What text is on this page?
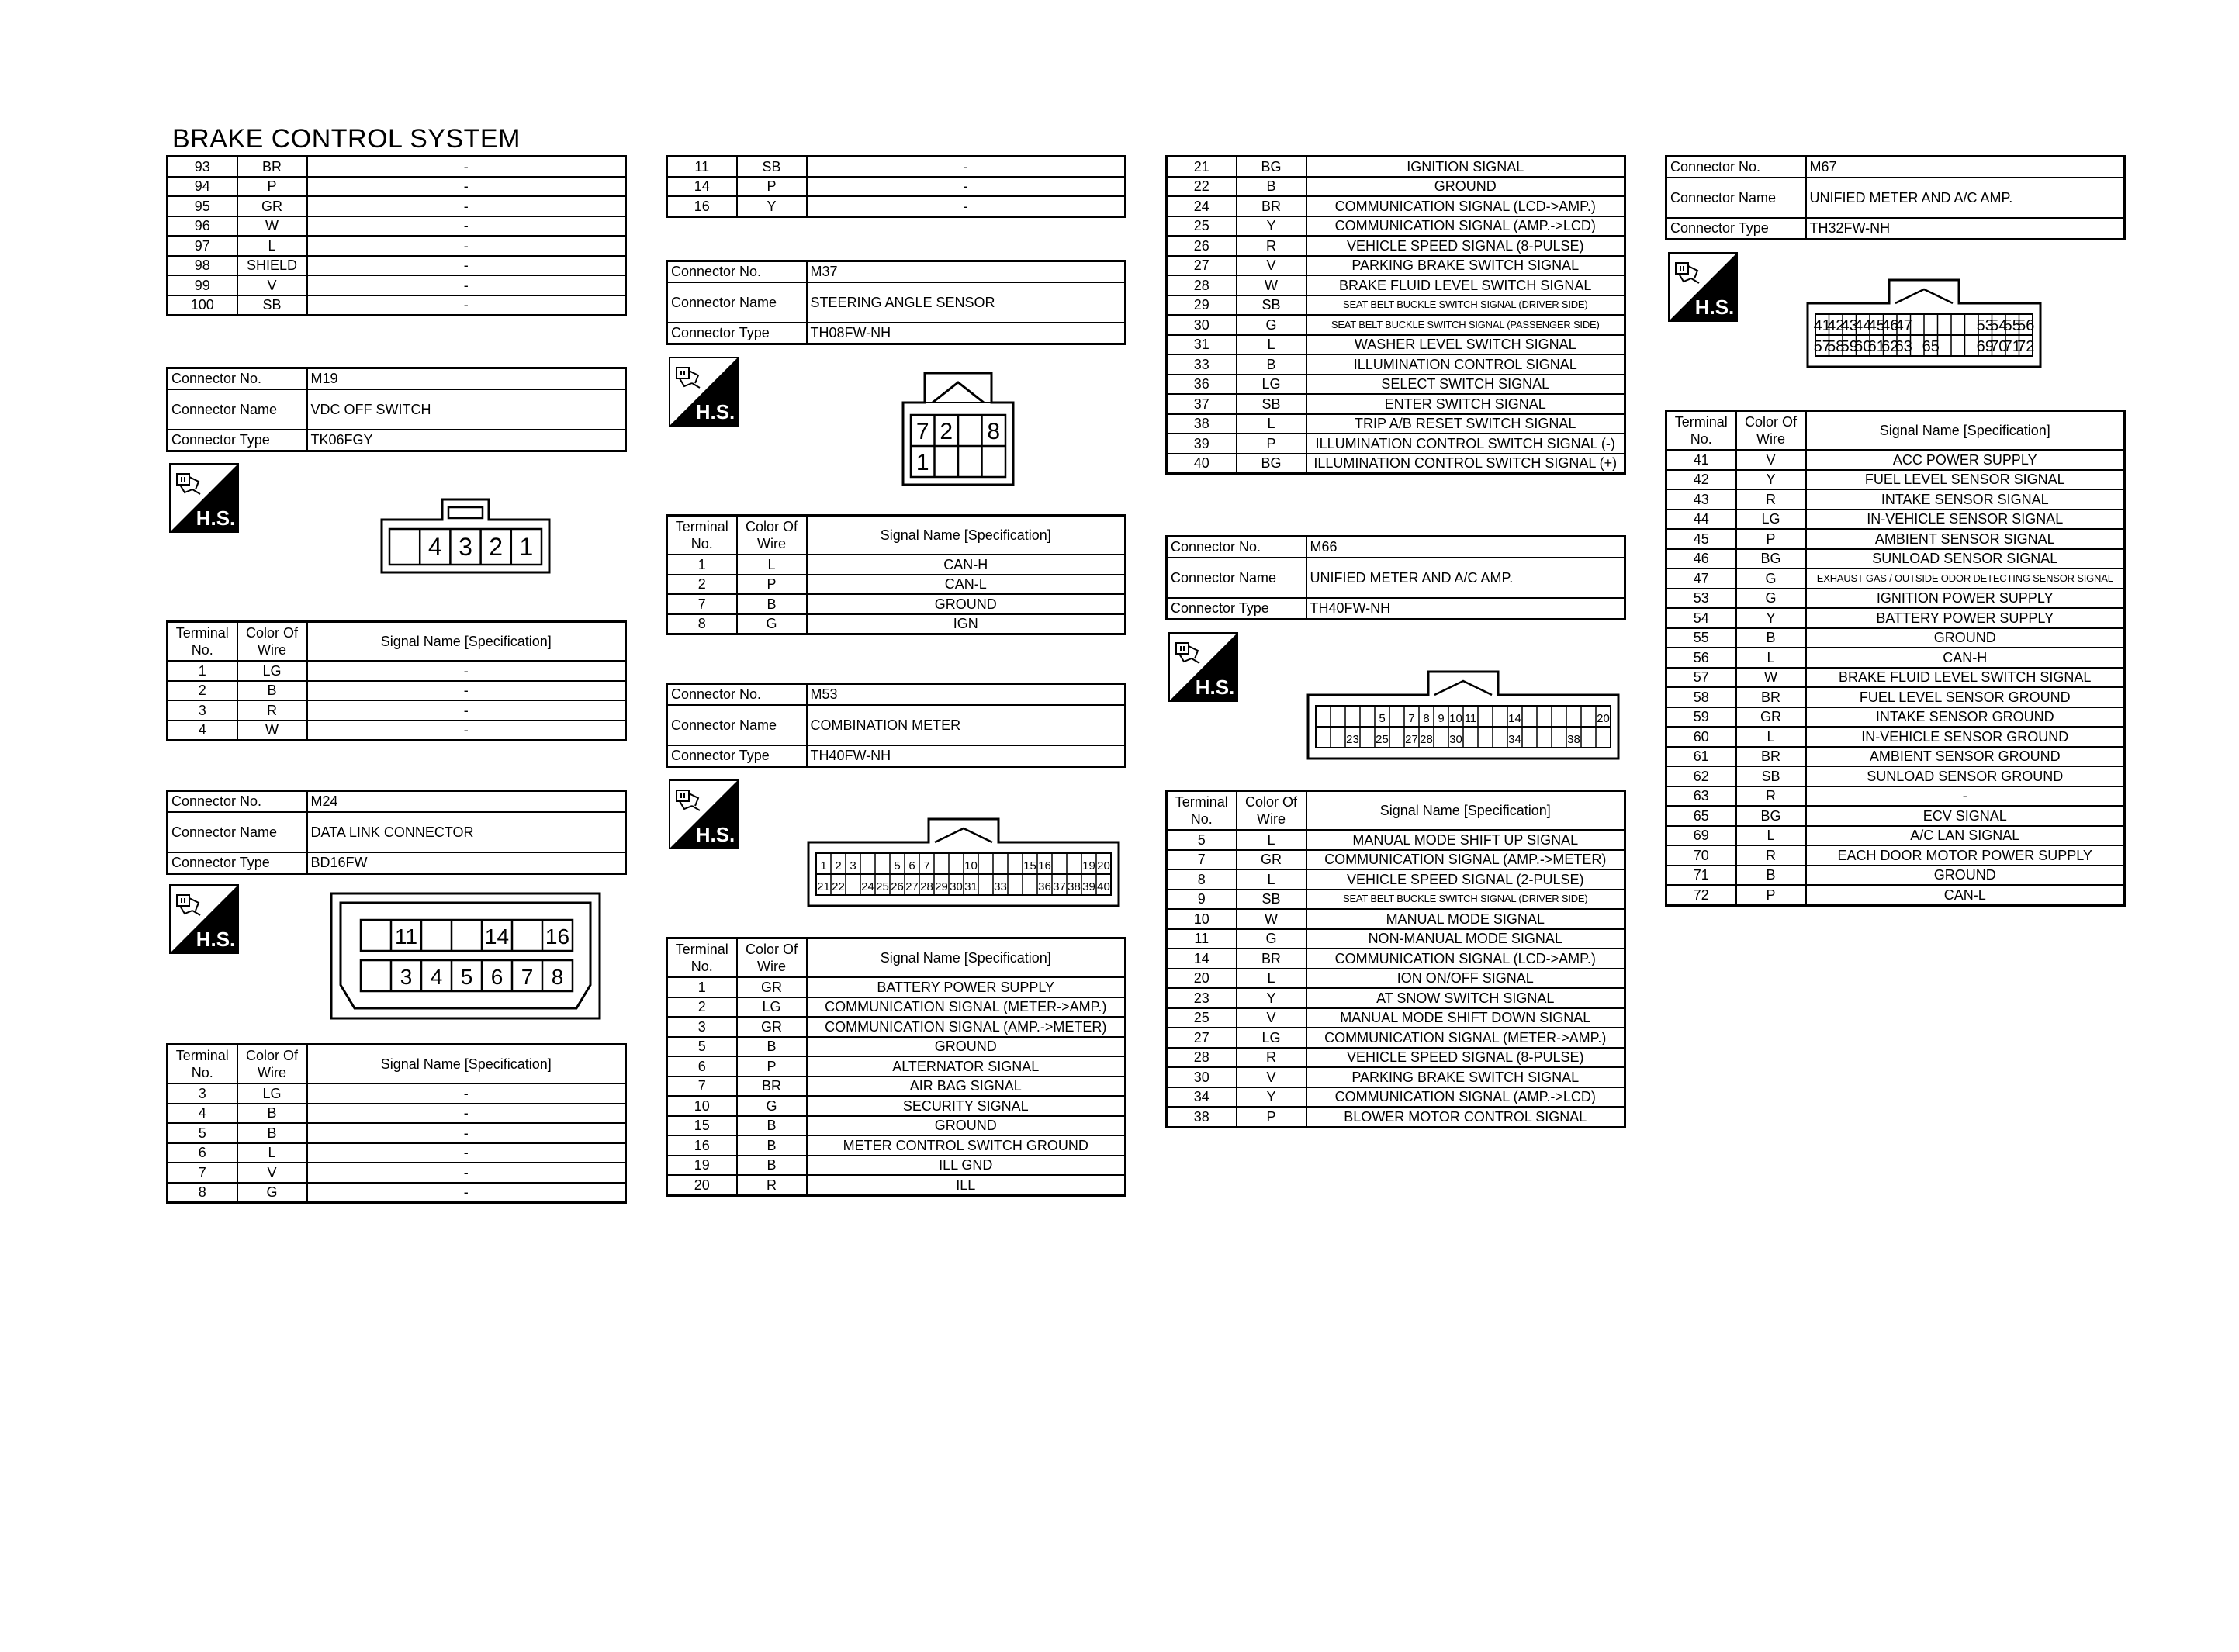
BRAKE CONTROL SYSTEM
93	BR	-
94	P	-
95	GR	-
96	W	-
97	L	-
98	SHIELD	-
99	V	-
100	SB	-
Connector No.	M19
Connector Name	VDC OFF SWITCH
Connector Type	TK06FGY
H.S.
4 3 2 1
Terminal No.	Color Of Wire	Signal Name [Specification]
1	LG	-
2	B	-
3	R	-
4	W	-
Connector No.	M24
Connector Name	DATA LINK CONNECTOR
Connector Type	BD16FW
H.S.	11	14 16
3 4 5 6 7 8
Terminal No.	Color Of Wire	Signal Name [Specification]
3	LG	-
4	B	-
5	B	-
6	L	-
7	V	-
8	G	-
11	SB	-
14	P	-
16	Y	-
Connector No.	M37
Connector Name	STEERING ANGLE SENSOR
Connector Type	TH08FW-NH
H.S.
7 2 8
1
Terminal No.	Color Of Wire	Signal Name [Specification]
1	L	CAN-H
2	P	CAN-L
7	B	GROUND
8	G	IGN
Connector No.	M53
Connector Name	COMBINATION METER
Connector Type	TH40FW-NH
H.S.
1 2 3	5 6 7	10	15 16	19 20
21 22 24 25 26 27 28 29 30 31 33	36 37 38 39 40
Terminal No.	Color Of Wire	Signal Name [Specification]
1	GR	BATTERY POWER SUPPLY
2	LG	COMMUNICATION SIGNAL (METER->AMP.)
3	GR	COMMUNICATION SIGNAL (AMP.->METER)
5	B	GROUND
6	P	ALTERNATOR SIGNAL
7	BR	AIR BAG SIGNAL
10	G	SECURITY SIGNAL
15	B	GROUND
16	B	METER CONTROL SWITCH GROUND
19	B	ILL GND
20	R	ILL
21	BG	IGNITION SIGNAL
22	B	GROUND
24	BR	COMMUNICATION SIGNAL (LCD->AMP.)
25	Y	COMMUNICATION SIGNAL (AMP.->LCD)
26	R	VEHICLE SPEED SIGNAL (8-PULSE)
27	V	PARKING BRAKE SWITCH SIGNAL
28	W	BRAKE FLUID LEVEL SWITCH SIGNAL
29	SB	SEAT BELT BUCKLE SWITCH SIGNAL (DRIVER SIDE)
30	G	SEAT BELT BUCKLE SWITCH SIGNAL (PASSENGER SIDE)
31	L	WASHER LEVEL SWITCH SIGNAL
33	B	ILLUMINATION CONTROL SIGNAL
36	LG	SELECT SWITCH SIGNAL
37	SB	ENTER SWITCH SIGNAL
38	L	TRIP A/B RESET SWITCH SIGNAL
39	P	ILLUMINATION CONTROL SWITCH SIGNAL (-)
40	BG	ILLUMINATION CONTROL SWITCH SIGNAL (+)
Connector No.	M66
Connector Name	UNIFIED METER AND A/C AMP.
Connector Type	TH40FW-NH
H.S.
5 7 8 9 10 11	14	20
23 25 27 28 30	34	38
Terminal No.	Color Of Wire	Signal Name [Specification]
5	L	MANUAL MODE SHIFT UP SIGNAL
7	GR	COMMUNICATION SIGNAL (AMP.->METER)
8	L	VEHICLE SPEED SIGNAL (2-PULSE)
9	SB	SEAT BELT BUCKLE SWITCH SIGNAL (DRIVER SIDE)
10	W	MANUAL MODE SIGNAL
11	G	NON-MANUAL MODE SIGNAL
14	BR	COMMUNICATION SIGNAL (LCD->AMP.)
20	L	ION ON/OFF SIGNAL
23	Y	AT SNOW SWITCH SIGNAL
25	V	MANUAL MODE SHIFT DOWN SIGNAL
27	LG	COMMUNICATION SIGNAL (METER->AMP.)
28	R	VEHICLE SPEED SIGNAL (8-PULSE)
30	V	PARKING BRAKE SWITCH SIGNAL
34	Y	COMMUNICATION SIGNAL (AMP.->LCD)
38	P	BLOWER MOTOR CONTROL SIGNAL
Connector No.	M67
Connector Name	UNIFIED METER AND A/C AMP.
Connector Type	TH32FW-NH
H.S.
41
42
43
44
45
46
47	53
54
55
56
57
58
59
60
61
62
63 65 69
70
71
72
Terminal No.	Color Of Wire	Signal Name [Specification]
41	V	ACC POWER SUPPLY
42	Y	FUEL LEVEL SENSOR SIGNAL
43	R	INTAKE SENSOR SIGNAL
44	LG	IN-VEHICLE SENSOR SIGNAL
45	P	AMBIENT SENSOR SIGNAL
46	BG	SUNLOAD SENSOR SIGNAL
47	G	EXHAUST GAS / OUTSIDE ODOR DETECTING SENSOR SIGNAL
53	G	IGNITION POWER SUPPLY
54	Y	BATTERY POWER SUPPLY
55	B	GROUND
56	L	CAN-H
57	W	BRAKE FLUID LEVEL SWITCH SIGNAL
58	BR	FUEL LEVEL SENSOR GROUND
59	GR	INTAKE SENSOR GROUND
60	L	IN-VEHICLE SENSOR GROUND
61	BR	AMBIENT SENSOR GROUND
62	SB	SUNLOAD SENSOR GROUND
63	R	-
65	BG	ECV SIGNAL
69	L	A/C LAN SIGNAL
70	R	EACH DOOR MOTOR POWER SUPPLY
71	B	GROUND
72	P	CAN-L
